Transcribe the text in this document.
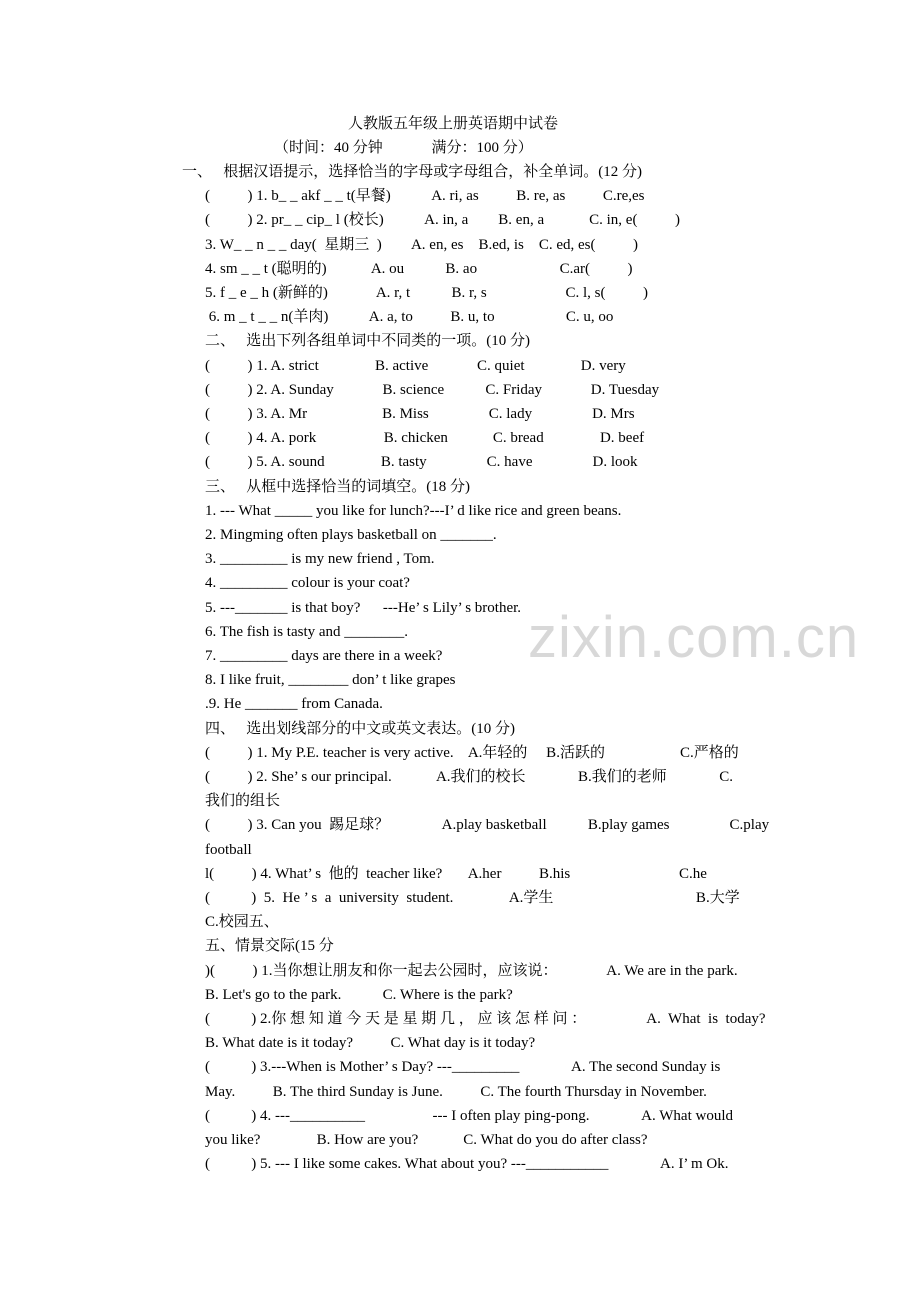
zixin.com.cn
人教版五年级上册英语期中试卷
（时间：40 分钟             满分：100 分）
一、   根据汉语提示，选择恰当的字母或字母组合，补全单词。(12 分)
(          ) 1. b_ _ akf _ _ t(早餐)           A. ri, as          B. re, as          C.re,es
(          ) 2. pr_ _ cip_ l (校长)           A. in, a        B. en, a            C. in, e(          )
3. W_ _ n _ _ day(  星期三  )        A. en, es    B.ed, is    C. ed, es(          )
4. sm _ _ t (聪明的)            A. ou           B. ao                      C.ar(          )
5. f _ e _ h (新鲜的)             A. r, t           B. r, s                     C. l, s(          )
6. m _ t _ _ n(羊肉)           A. a, to          B. u, to                   C. u, oo
二、   选出下列各组单词中不同类的一项。(10 分)
(          ) 1. A. strict               B. active             C. quiet               D. very
(          ) 2. A. Sunday             B. science           C. Friday             D. Tuesday
(          ) 3. A. Mr                    B. Miss                C. lady                D. Mrs
(          ) 4. A. pork                  B. chicken            C. bread               D. beef
(          ) 5. A. sound               B. tasty                C. have                D. look
三、   从框中选择恰当的词填空。(18 分)
1. --- What _____ you like for lunch?---I’ d like rice and green beans.
2. Mingming often plays basketball on _______.
3. _________ is my new friend , Tom.
4. _________ colour is your coat?
5. ---_______ is that boy?      ---He’ s Lily’ s brother.
6. The fish is tasty and ________.
7. _________ days are there in a week?
8. I like fruit, ________ don’ t like grapes
.9. He _______ from Canada.
四、   选出划线部分的中文或英文表达。(10 分)
(          ) 1. My P.E. teacher is very active.    A.年轻的     B.活跃的                    C.严格的
(          ) 2. She’ s our principal.            A.我们的校长              B.我们的老师              C.
我们的组长
(          ) 3. Can you  踢足球？              A.play basketball           B.play games                C.play
football
l(          ) 4. What’ s  他的  teacher like?       A.her          B.his                             C.he
(           )  5.  He ’ s  a  university  student.               A.学生                                      B.大学
C.校园五、
五、情景交际(15 分
)(          ) 1.当你想让朋友和你一起去公园时，应该说：             A. We are in the park.
B. Let's go to the park.           C. Where is the park?
(           ) 2.你 想 知 道 今 天 是 星 期 几 ， 应 该 怎 样 问 ：                A.  What  is  today?
B. What date is it today?          C. What day is it today?
(           ) 3.---When is Mother’ s Day? ---_________              A. The second Sunday is
May.          B. The third Sunday is June.          C. The fourth Thursday in November.
(           ) 4. ---__________                  --- I often play ping-pong.              A. What would
you like?               B. How are you?            C. What do you do after class?
(           ) 5. --- I like some cakes. What about you? ---___________              A. I’ m Ok.
